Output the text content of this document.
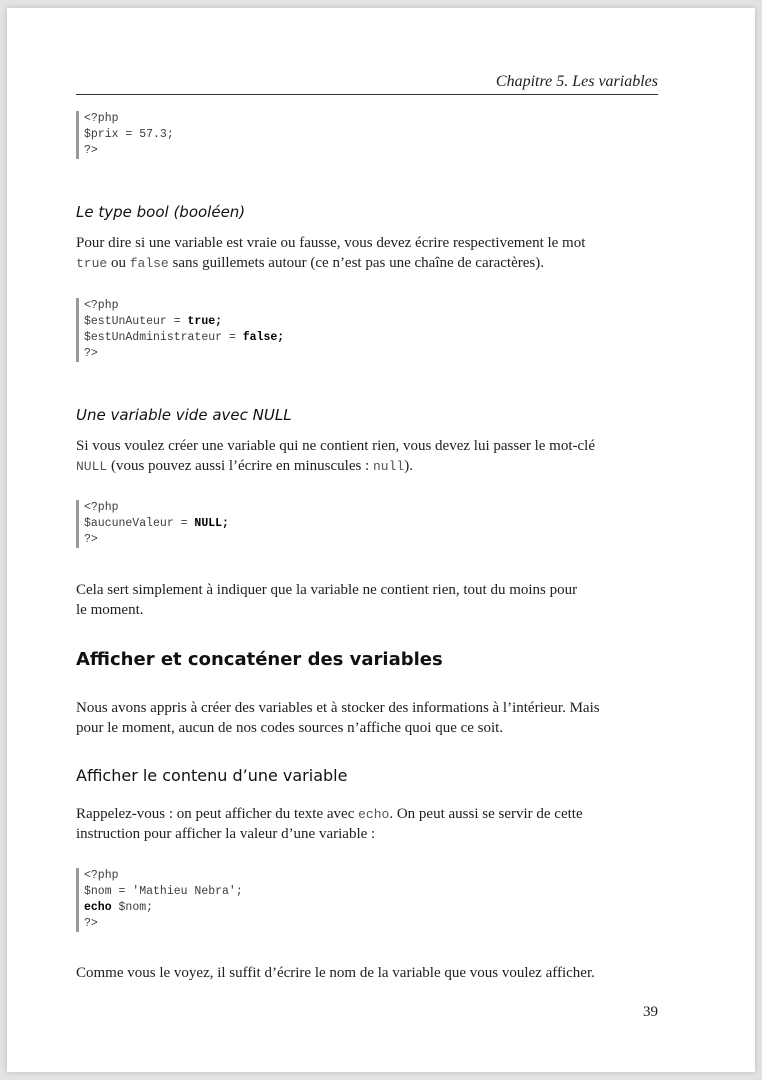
Chapitre 5. Les variables
<?php
$prix = 57.3;
?>
Le type bool (booléen)
Pour dire si une variable est vraie ou fausse, vous devez écrire respectivement le mot
true ou false sans guillemets autour (ce n’est pas une chaîne de caractères).
<?php
$estUnAuteur = true;
$estUnAdministrateur = false;
?>
Une variable vide avec NULL
Si vous voulez créer une variable qui ne contient rien, vous devez lui passer le mot-clé
NULL (vous pouvez aussi l’écrire en minuscules : null).
<?php
$aucuneValeur = NULL;
?>
Cela sert simplement à indiquer que la variable ne contient rien, tout du moins pour
le moment.
Afficher et concaténer des variables
Nous avons appris à créer des variables et à stocker des informations à l’intérieur. Mais
pour le moment, aucun de nos codes sources n’affiche quoi que ce soit.
Afficher le contenu d’une variable
Rappelez-vous : on peut afficher du texte avec echo. On peut aussi se servir de cette
instruction pour afficher la valeur d’une variable :
<?php
$nom = 'Mathieu Nebra';
echo $nom;
?>
Comme vous le voyez, il suffit d’écrire le nom de la variable que vous voulez afficher.
39
